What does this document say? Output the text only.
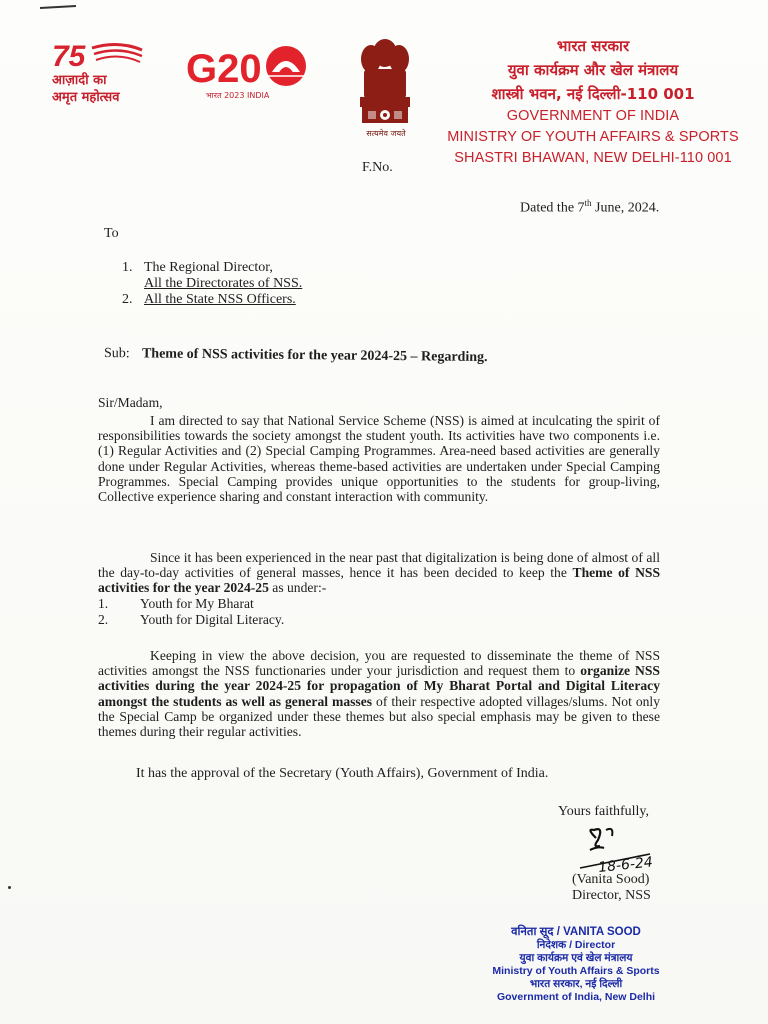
75
आज़ादी का
अमृत महोत्सव
G20
भारत 2023 INDIA
सत्यमेव जयते
भारत सरकार
युवा कार्यक्रम और खेल मंत्रालय
शास्त्री भवन, नई दिल्ली-110 001
GOVERNMENT OF INDIA
MINISTRY OF YOUTH AFFAIRS & SPORTS
SHASTRI BHAWAN, NEW DELHI-110 001
F.No.
Dated the 7th June, 2024.
To
1. The Regional Director,
All the Directorates of NSS.
2. All the State NSS Officers.
Sub: Theme of NSS activities for the year 2024-25 – Regarding.
Sir/Madam,
I am directed to say that National Service Scheme (NSS) is aimed at inculcating the spirit of responsibilities towards the society amongst the student youth. Its activities have two components i.e. (1) Regular Activities and (2) Special Camping Programmes. Area-need based activities are generally done under Regular Activities, whereas theme-based activities are undertaken under Special Camping Programmes. Special Camping provides unique opportunities to the students for group-living, Collective experience sharing and constant interaction with community.
Since it has been experienced in the near past that digitalization is being done of almost of all the day-to-day activities of general masses, hence it has been decided to keep the Theme of NSS activities for the year 2024-25 as under:-
1. Youth for My Bharat
2. Youth for Digital Literacy.
Keeping in view the above decision, you are requested to disseminate the theme of NSS activities amongst the NSS functionaries under your jurisdiction and request them to organize NSS activities during the year 2024-25 for propagation of My Bharat Portal and Digital Literacy amongst the students as well as general masses of their respective adopted villages/slums. Not only the Special Camp be organized under these themes but also special emphasis may be given to these themes during their regular activities.
It has the approval of the Secretary (Youth Affairs), Government of India.
Yours faithfully,
18-6-24
(Vanita Sood)
Director, NSS
वनिता सूद / VANITA SOOD
निदेशक / Director
युवा कार्यक्रम एवं खेल मंत्रालय
Ministry of Youth Affairs & Sports
भारत सरकार, नई दिल्ली
Government of India, New Delhi
